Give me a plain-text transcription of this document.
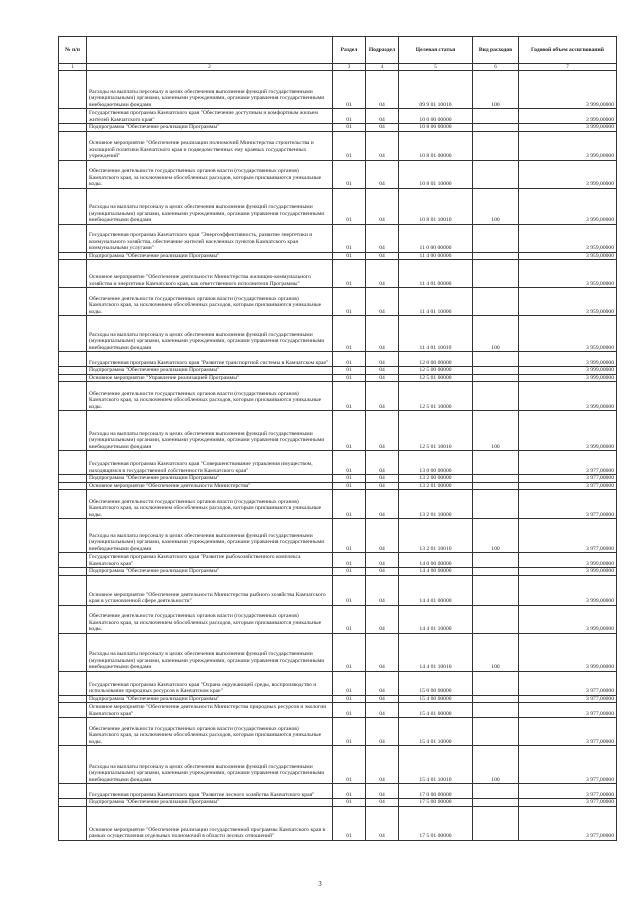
№ п/п		Раздел	Подраздел	Целевая статья	Вид расходов	Годовой объем ассигнований
1	2	3	4	5	6	7
	Расходы на выплаты персоналу в целях обеспечения выполнения функций государственными (муниципальными) органами, казенными учреждениями, органами управления государственными внебюджетными фондами	01	04	09 9 01 10010	100	3 999,00000
	Государственная программа Камчатского края "Обеспечение доступным и комфортным жильем жителей Камчатского края"	01	04	10 0 00 00000		3 999,00000
	Подпрограмма "Обеспечение реализации Программы"	01	04	10 8 00 00000		3 999,00000
	Основное мероприятие "Обеспечение реализации полномочий Министерства строительства и жилищной политики Камчатского края и подведомственных ему краевых государственных учреждений"	01	04	10 8 01 00000		3 999,00000
	Обеспечение деятельности государственных органов власти (государственных органов) Камчатского края, за исключением обособленных расходов, которым присваиваются уникальные коды.	01	04	10 8 01 10000		3 999,00000
	Расходы на выплаты персоналу в целях обеспечения выполнения функций государственными (муниципальными) органами, казенными учреждениями, органами управления государственными внебюджетными фондами	01	04	10 8 01 10010	100	3 999,00000
	Государственная программа Камчатского края "Энергоэффективность, развитие энергетики и коммунального хозяйства, обеспечение жителей населенных пунктов Камчатского края коммунальными услугами"	01	04	11 0 00 00000		3 959,00000
	Подпрограмма "Обеспечение реализации Программы"	01	04	11 4 00 00000		3 959,00000
	Основное мероприятие "Обеспечение деятельности Министерства жилищно-коммунального хозяйства и энергетики Камчатского края, как ответственного исполнителя Программы"	01	04	11 4 01 00000		3 959,00000
	Обеспечение деятельности государственных органов власти (государственных органов) Камчатского края, за исключением обособленных расходов, которым присваиваются уникальные коды.	01	04	11 4 01 10000		3 959,00000
	Расходы на выплаты персоналу в целях обеспечения выполнения функций государственными (муниципальными) органами, казенными учреждениями, органами управления государственными внебюджетными фондами	01	04	11 4 01 10010	100	3 959,00000
	Государственная программа Камчатского края "Развитие транспортной системы в Камчатском крае"	01	04	12 0 00 00000		3 999,00000
	Подпрограмма "Обеспечение реализации Программы"	01	04	12 5 00 00000		3 999,00000
	Основное мероприятие "Управление реализацией Программы"	01	04	12 5 01 00000		3 999,00000
	Обеспечение деятельности государственных органов власти (государственных органов) Камчатского края, за исключением обособленных расходов, которым присваиваются уникальные коды.	01	04	12 5 01 10000		3 999,00000
	Расходы на выплаты персоналу в целях обеспечения выполнения функций государственными (муниципальными) органами, казенными учреждениями, органами управления государственными внебюджетными фондами	01	04	12 5 01 10010	100	3 999,00000
	Государственная программа Камчатского края "Совершенствование управления имуществом, находящимся в государственной собственности Камчатского края"	01	04	13 0 00 00000		3 977,00000
	Подпрограмма "Обеспечение реализации Программы"	01	04	13 2 00 00000		3 977,00000
	Основное мероприятие "Обеспечение деятельности Министерства"	01	04	13 2 01 00000		3 977,00000
	Обеспечение деятельности государственных органов власти (государственных органов) Камчатского края, за исключением обособленных расходов, которым присваиваются уникальные коды.	01	04	13 2 01 10000		3 977,00000
	Расходы на выплаты персоналу в целях обеспечения выполнения функций государственными (муниципальными) органами, казенными учреждениями, органами управления государственными внебюджетными фондами	01	04	13 2 01 10010	100	3 977,00000
	Государственная программа Камчатского края "Развитие рыбохозяйственного комплекса Камчатского края"	01	04	14 0 00 00000		3 999,00000
	Подпрограмма "Обеспечение реализации Программы"	01	04	14 4 00 00000		3 999,00000
	Основное мероприятие "Обеспечение деятельности Министерства рыбного хозяйства Камчатского края в установленной сфере деятельности"	01	04	14 4 01 00000		3 999,00000
	Обеспечение деятельности государственных органов власти (государственных органов) Камчатского края, за исключением обособленных расходов, которым присваиваются уникальные коды.	01	04	14 4 01 10000		3 999,00000
	Расходы на выплаты персоналу в целях обеспечения выполнения функций государственными (муниципальными) органами, казенными учреждениями, органами управления государственными внебюджетными фондами	01	04	14 4 01 10010	100	3 999,00000
	Государственная программа Камчатского края "Охрана окружающей среды, воспроизводство и использование природных ресурсов в Камчатском крае"	01	04	15 0 00 00000		3 977,00000
	Подпрограмма "Обеспечение реализации Программы"	01	04	15 4 00 00000		3 977,00000
	Основное мероприятие "Обеспечение деятельности Министерства природных ресурсов и экологии Камчатского края"	01	04	15 4 01 00000		3 977,00000
	Обеспечение деятельности государственных органов власти (государственных органов) Камчатского края, за исключением обособленных расходов, которым присваиваются уникальные коды.	01	04	15 4 01 10000		3 977,00000
	Расходы на выплаты персоналу в целях обеспечения выполнения функций государственными (муниципальными) органами, казенными учреждениями, органами управления государственными внебюджетными фондами	01	04	15 4 01 10010	100	3 977,00000
	Государственная программа Камчатского края "Развитие лесного хозяйства Камчатского края"	01	04	17 0 00 00000		3 977,00000
	Подпрограмма "Обеспечение реализации Программы"	01	04	17 5 00 00000		3 977,00000
	Основное мероприятие "Обеспечение реализации государственной программы Камчатского края в рамках осуществления отдельных полномочий в области лесных отношений"	01	04	17 5 01 00000		3 977,00000
3
